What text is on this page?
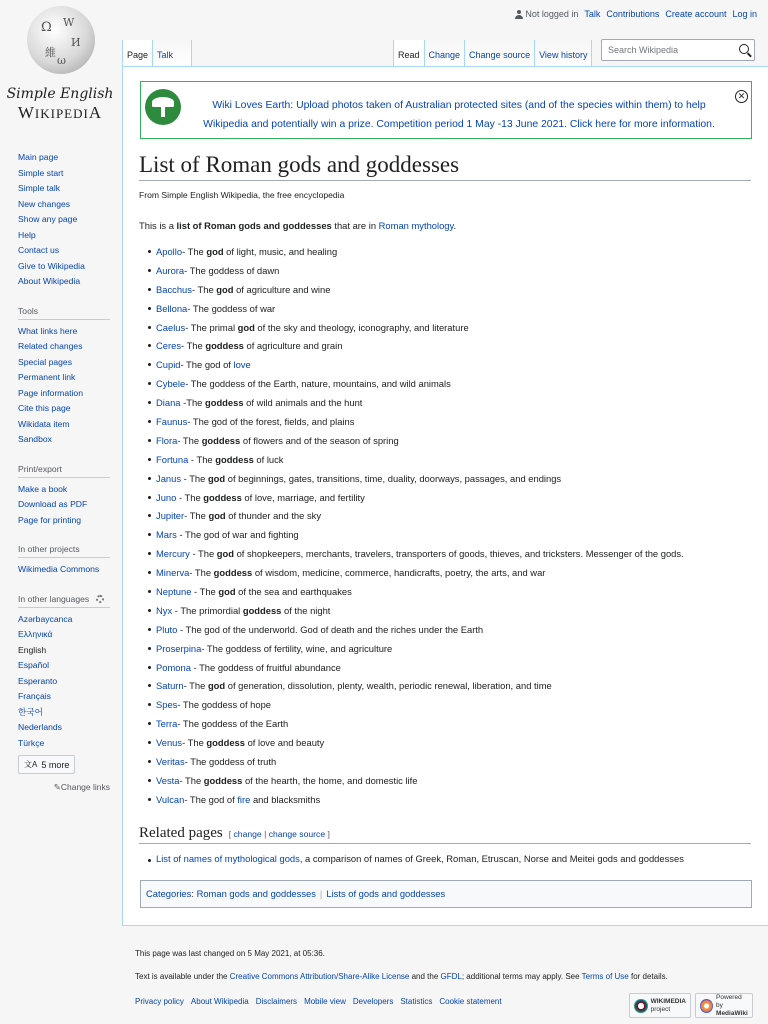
Not logged in Talk Contributions Create account Log in
Ω W
И
維
ω
Simple English
WIKIPEDIA
Main page
Simple start
Simple talk
New changes
Show any page
Help
Contact us
Give to Wikipedia
About Wikipedia
Tools
What links here
Related changes
Special pages
Permanent link
Page information
Cite this page
Wikidata item
Sandbox
Print/export
Make a book
Download as PDF
Page for printing
In other projects
Wikimedia Commons
In other languages
Azərbaycanca
Ελληνικά
English
Español
Esperanto
Français
한국어
Nederlands
Türkçe
文A 5 more
✎Change links
Page	Talk	Read	Change	Change source	View history	Search Wikipedia
Wiki Loves Earth: Upload photos taken of Australian protected sites (and of the species within them) to help Wikipedia and potentially win a prize. Competition period 1 May -13 June 2021. Click here for more information.
✕
List of Roman gods and goddesses
From Simple English Wikipedia, the free encyclopedia
This is a list of Roman gods and goddesses that are in Roman mythology.
Apollo- The god of light, music, and healing
Aurora- The goddess of dawn
Bacchus- The god of agriculture and wine
Bellona- The goddess of war
Caelus- The primal god of the sky and theology, iconography, and literature
Ceres- The goddess of agriculture and grain
Cupid- The god of love
Cybele- The goddess of the Earth, nature, mountains, and wild animals
Diana -The goddess of wild animals and the hunt
Faunus- The god of the forest, fields, and plains
Flora- The goddess of flowers and of the season of spring
Fortuna - The goddess of luck
Janus - The god of beginnings, gates, transitions, time, duality, doorways, passages, and endings
Juno - The goddess of love, marriage, and fertility
Jupiter- The god of thunder and the sky
Mars - The god of war and fighting
Mercury - The god of shopkeepers, merchants, travelers, transporters of goods, thieves, and tricksters. Messenger of the gods.
Minerva- The goddess of wisdom, medicine, commerce, handicrafts, poetry, the arts, and war
Neptune - The god of the sea and earthquakes
Nyx - The primordial goddess of the night
Pluto - The god of the underworld. God of death and the riches under the Earth
Proserpina- The goddess of fertility, wine, and agriculture
Pomona - The goddess of fruitful abundance
Saturn- The god of generation, dissolution, plenty, wealth, periodic renewal, liberation, and time
Spes- The goddess of hope
Terra- The goddess of the Earth
Venus- The goddess of love and beauty
Veritas- The goddess of truth
Vesta- The goddess of the hearth, the home, and domestic life
Vulcan- The god of fire and blacksmiths
Related pages [ change | change source ]
List of names of mythological gods, a comparison of names of Greek, Roman, Etruscan, Norse and Meitei gods and goddesses
Categories: Roman gods and goddesses | Lists of gods and goddesses
This page was last changed on 5 May 2021, at 05:36.
Text is available under the Creative Commons Attribution/Share-Alike License and the GFDL; additional terms may apply. See Terms of Use for details.
Privacy policy About Wikipedia Disclaimers Mobile view Developers Statistics Cookie statement	WIKIMEDIA
project
Powered by
MediaWiki
